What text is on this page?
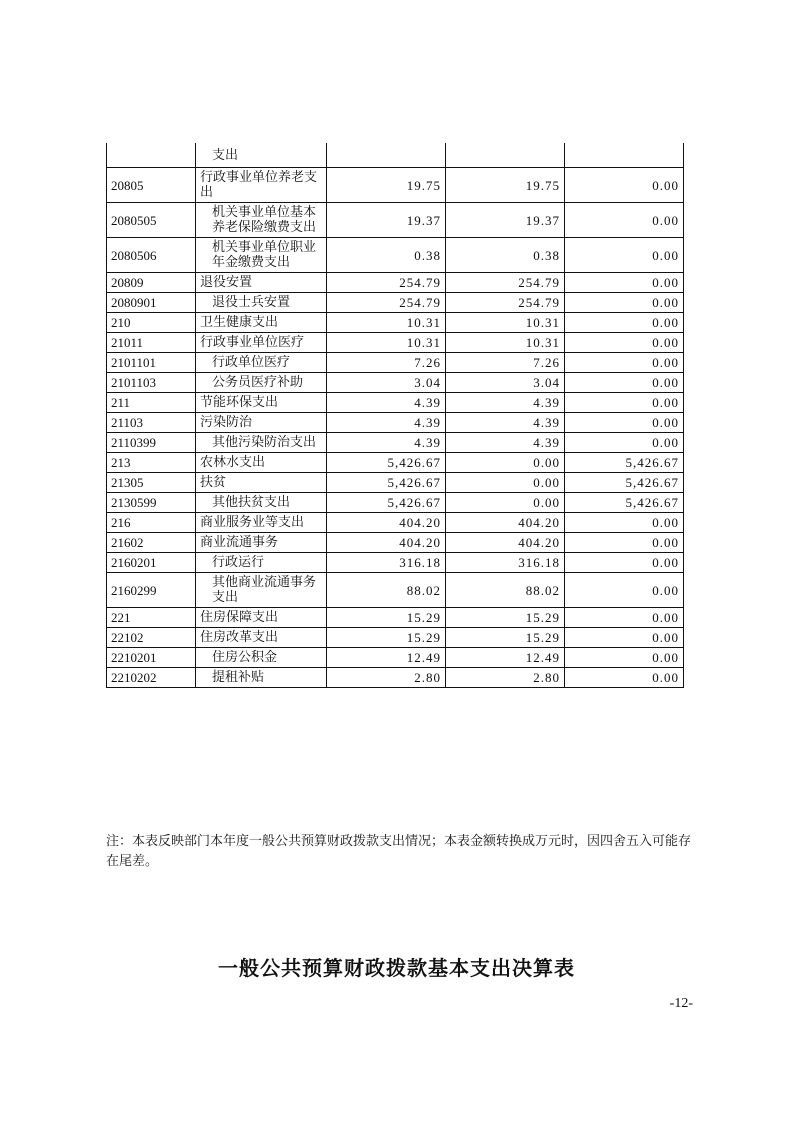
	支出			
20805	行政事业单位养老支出	19.75	19.75	0.00
2080505	机关事业单位基本养老保险缴费支出	19.37	19.37	0.00
2080506	机关事业单位职业年金缴费支出	0.38	0.38	0.00
20809	退役安置	254.79	254.79	0.00
2080901	退役士兵安置	254.79	254.79	0.00
210	卫生健康支出	10.31	10.31	0.00
21011	行政事业单位医疗	10.31	10.31	0.00
2101101	行政单位医疗	7.26	7.26	0.00
2101103	公务员医疗补助	3.04	3.04	0.00
211	节能环保支出	4.39	4.39	0.00
21103	污染防治	4.39	4.39	0.00
2110399	其他污染防治支出	4.39	4.39	0.00
213	农林水支出	5,426.67	0.00	5,426.67
21305	扶贫	5,426.67	0.00	5,426.67
2130599	其他扶贫支出	5,426.67	0.00	5,426.67
216	商业服务业等支出	404.20	404.20	0.00
21602	商业流通事务	404.20	404.20	0.00
2160201	行政运行	316.18	316.18	0.00
2160299	其他商业流通事务支出	88.02	88.02	0.00
221	住房保障支出	15.29	15.29	0.00
22102	住房改革支出	15.29	15.29	0.00
2210201	住房公积金	12.49	12.49	0.00
2210202	提租补贴	2.80	2.80	0.00
注：本表反映部门本年度一般公共预算财政拨款支出情况；本表金额转换成万元时，因四舍五入可能存在尾差。
一般公共预算财政拨款基本支出决算表
-12-
